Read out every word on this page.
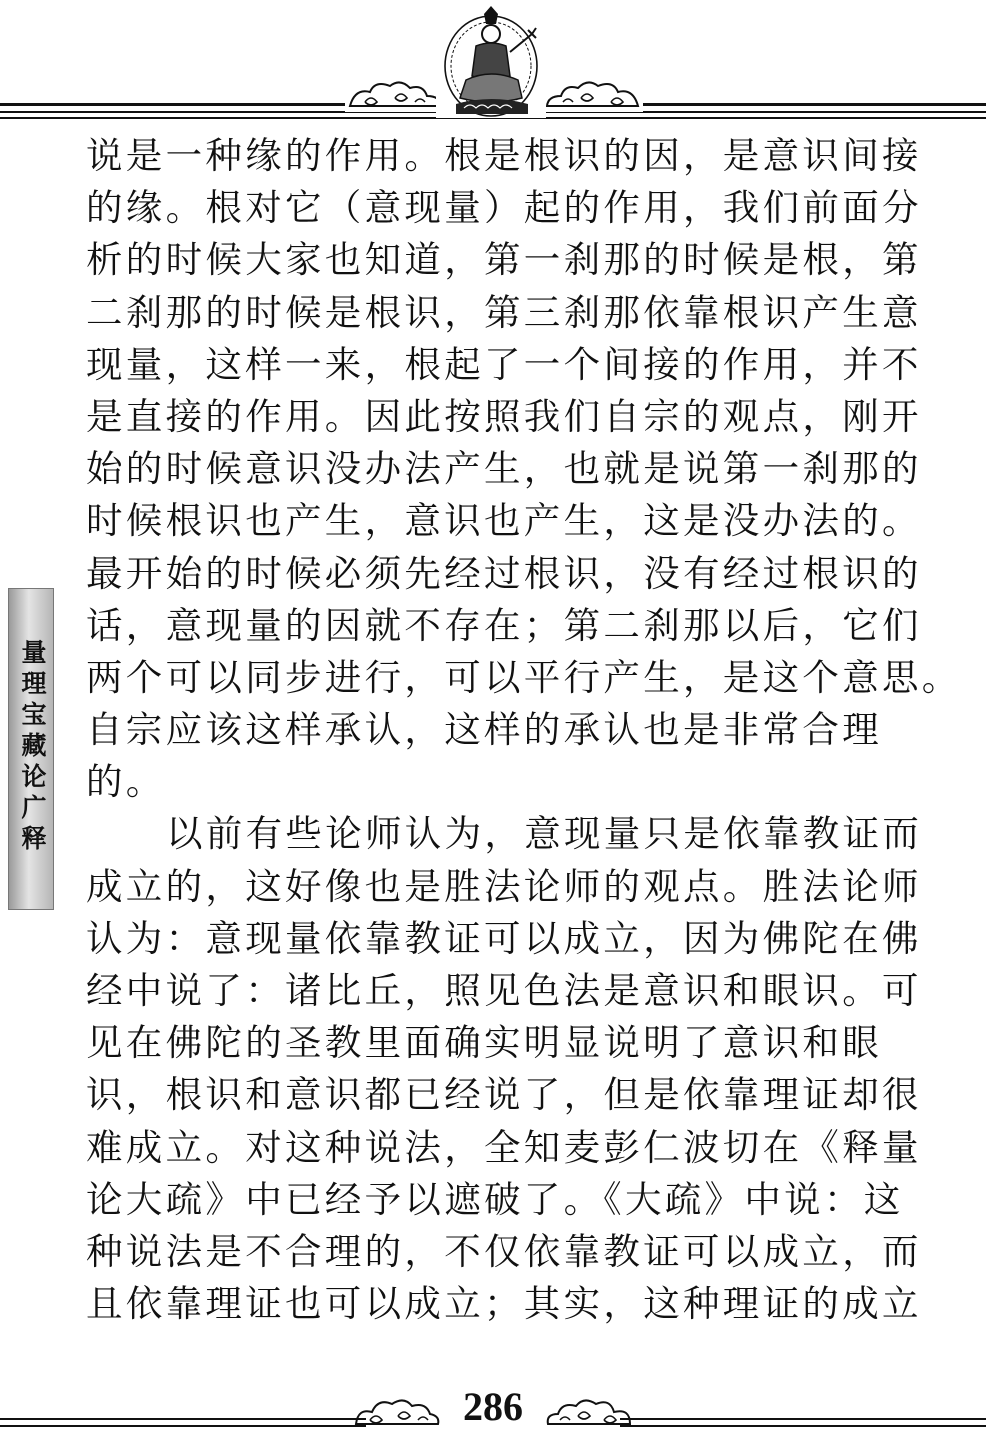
量理宝藏论广释
说是一种缘的作用。根是根识的因，是意识间接
的缘。根对它（意现量）起的作用，我们前面分
析的时候大家也知道，第一刹那的时候是根，第
二刹那的时候是根识，第三刹那依靠根识产生意
现量，这样一来，根起了一个间接的作用，并不
是直接的作用。因此按照我们自宗的观点，刚开
始的时候意识没办法产生，也就是说第一刹那的
时候根识也产生，意识也产生，这是没办法的。
最开始的时候必须先经过根识，没有经过根识的
话，意现量的因就不存在；第二刹那以后，它们
两个可以同步进行，可以平行产生，是这个意思。
自宗应该这样承认，这样的承认也是非常合理
的。
以前有些论师认为，意现量只是依靠教证而
成立的，这好像也是胜法论师的观点。胜法论师
认为：意现量依靠教证可以成立，因为佛陀在佛
经中说了：诸比丘，照见色法是意识和眼识。可
见在佛陀的圣教里面确实明显说明了意识和眼
识，根识和意识都已经说了，但是依靠理证却很
难成立。对这种说法，全知麦彭仁波切在《释量
论大疏》中已经予以遮破了。《大疏》中说：这
种说法是不合理的，不仅依靠教证可以成立，而
且依靠理证也可以成立；其实，这种理证的成立
286
